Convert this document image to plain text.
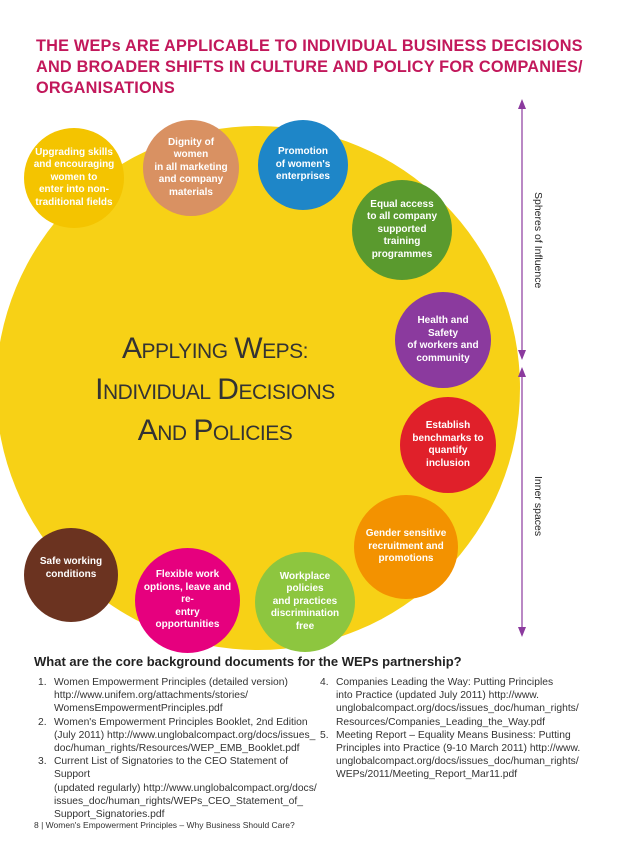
THE WEPs ARE APPLICABLE TO INDIVIDUAL BUSINESS DECISIONS AND BROADER SHIFTS IN CULTURE AND POLICY FOR COMPANIES/ ORGANISATIONS
APPLYING WEPS:
INDIVIDUAL DECISIONS
AND POLICIES
Upgrading skills
and encouraging
women to
enter into non-
traditional fields
Dignity of women
in all marketing
and company
materials
Promotion
of women's
enterprises
Equal access
to all company
supported
training
programmes
Health and Safety
of workers and
community
Establish
benchmarks to
quantify inclusion
Gender sensitive
recruitment and
promotions
Workplace policies
and practices
discrimination free
Flexible work
options, leave and re-
entry opportunities
Safe working
conditions
Spheres of Influence
Inner spaces

What are the core background documents for the WEPs partnership?

1. Women Empowerment Principles (detailed version)
http://www.unifem.org/attachments/stories/
WomensEmpowermentPrinciples.pdf
2. Women's Empowerment Principles Booklet, 2nd Edition
(July 2011) http://www.unglobalcompact.org/docs/issues_
doc/human_rights/Resources/WEP_EMB_Booklet.pdf
3. Current List of Signatories to the CEO Statement of Support
(updated regularly) http://www.unglobalcompact.org/docs/
issues_doc/human_rights/WEPs_CEO_Statement_of_
Support_Signatories.pdf
4. Companies Leading the Way: Putting Principles
into Practice (updated July 2011) http://www.
unglobalcompact.org/docs/issues_doc/human_rights/
Resources/Companies_Leading_the_Way.pdf
5. Meeting Report – Equality Means Business: Putting
Principles into Practice (9-10 March 2011) http://www.
unglobalcompact.org/docs/issues_doc/human_rights/
WEPs/2011/Meeting_Report_Mar11.pdf
8 | Women's Empowerment Principles – Why Business Should Care?
